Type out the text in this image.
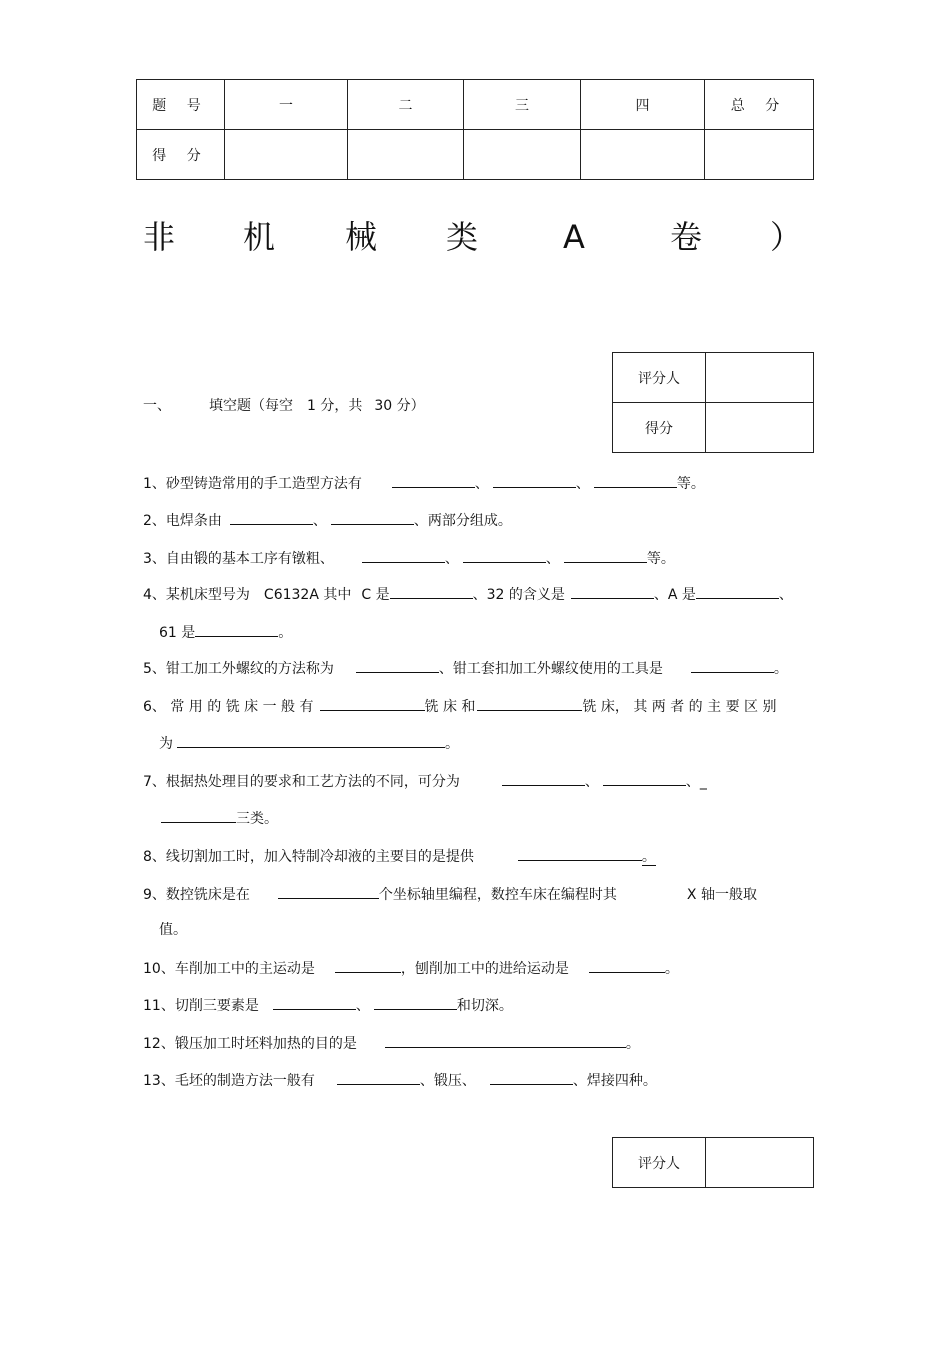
题 号	一	二	三	四	总 分
得 分					
非 机 械 类	A	卷 ）
评分人	
得分	
一、	填空题（每空 1 分，共 30 分）
1、砂型铸造常用的手工造型方法有	、	、	等。
2、电焊条由	、	、两部分组成。
3、自由锻的基本工序有镦粗、	、	、	等。
4、某机床型号为 C6132A 其中 C 是	、32 的含义是	、A 是	、
61 是	。
5、钳工加工外螺纹的方法称为	、钳工套扣加工外螺纹使用的工具是	。
6、 常 用 的 铣 床 一 般 有	铣 床 和	铣 床， 其 两 者 的 主 要 区 别
为	。
7、根据热处理目的要求和工艺方法的不同，可分为	、	、_
三类。
8、线切割加工时，加入特制冷却液的主要目的是提供	。
9、数控铣床是在	个坐标轴里编程，数控车床在编程时其	X 轴一般取
值。
10、车削加工中的主运动是	，刨削加工中的进给运动是	。
11、切削三要素是	、	和切深。
12、锻压加工时坯料加热的目的是	。
13、毛坯的制造方法一般有	、锻压、	、焊接四种。
评分人	
